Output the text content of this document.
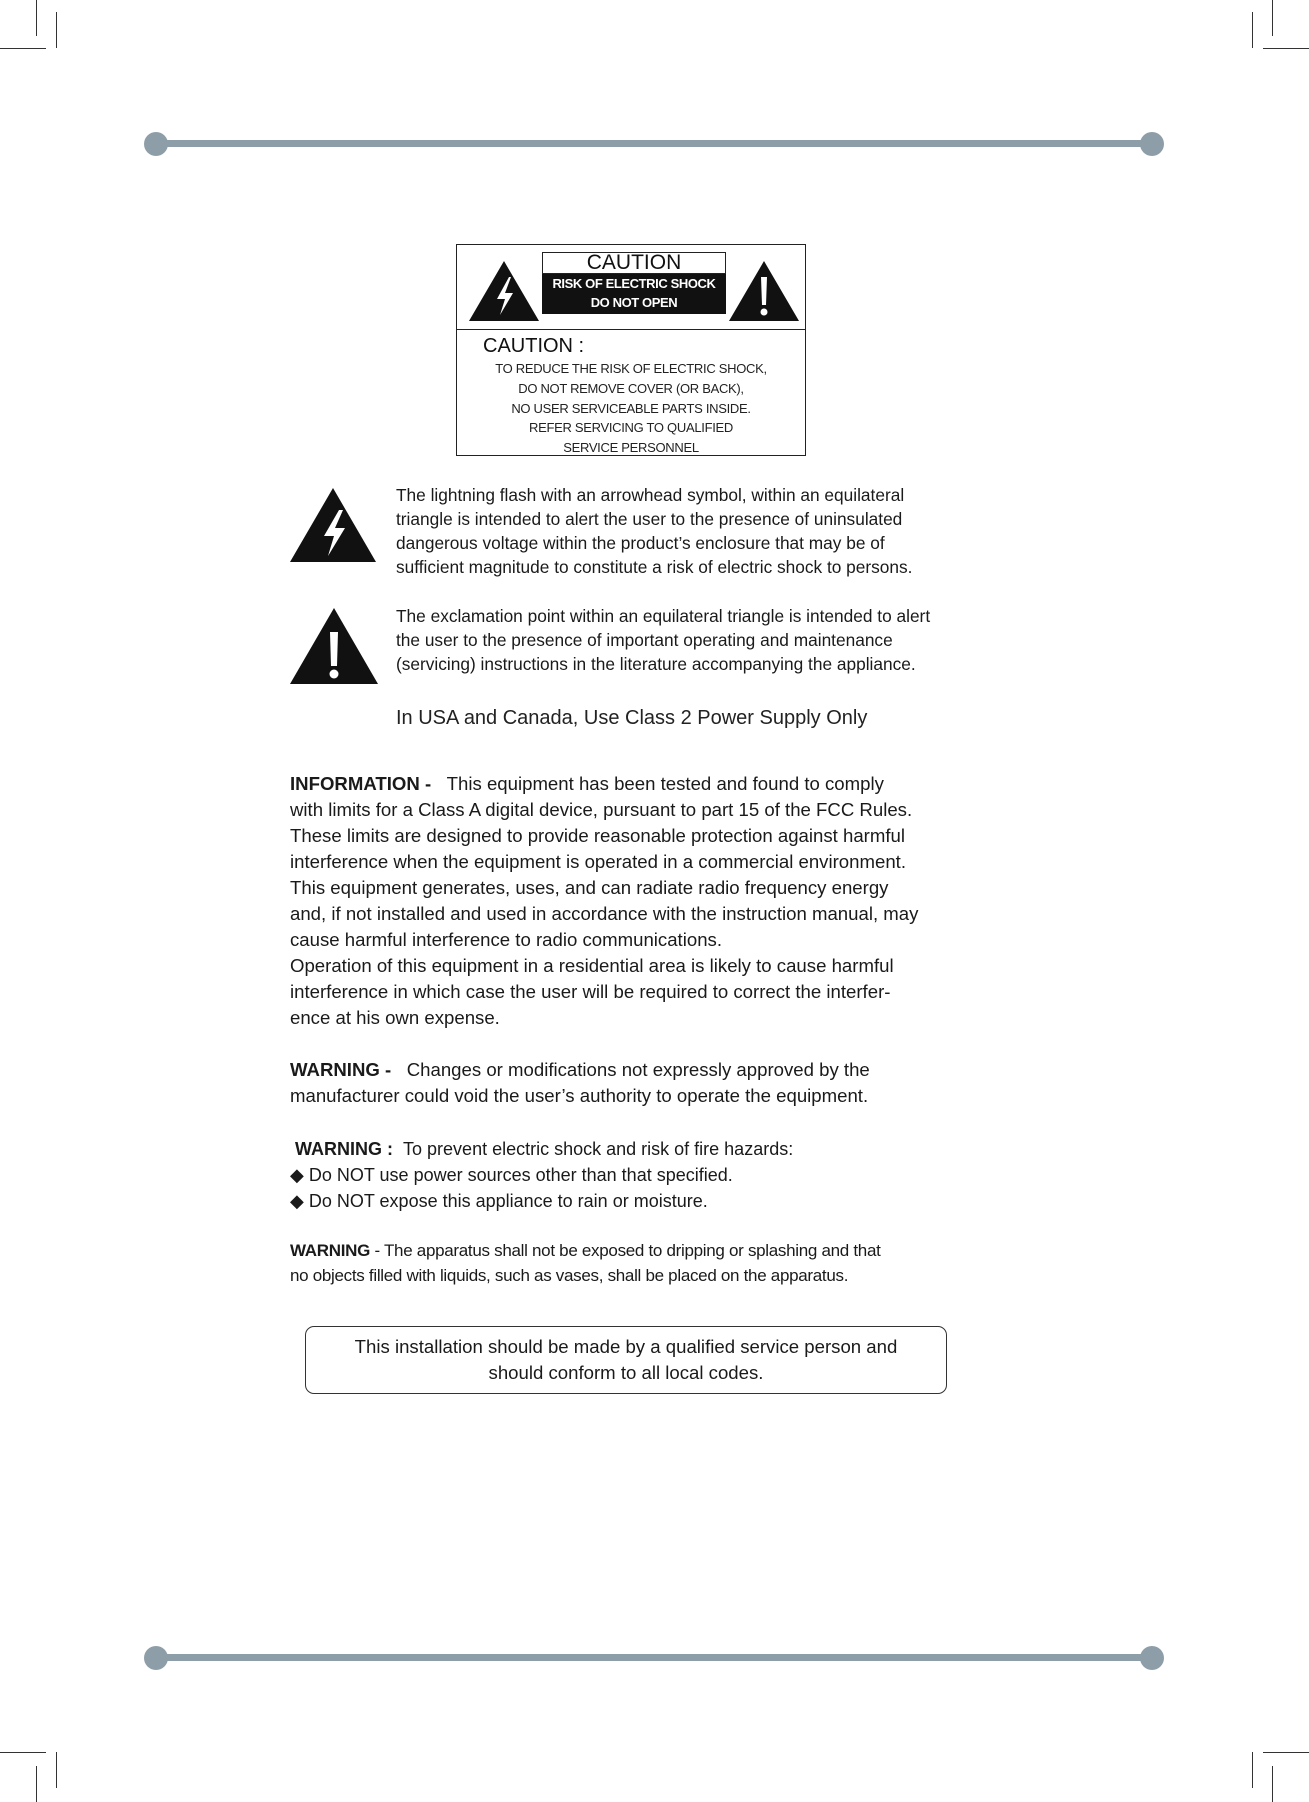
CAUTION
RISK OF ELECTRIC SHOCK
DO NOT OPEN
CAUTION :
TO REDUCE THE RISK OF ELECTRIC SHOCK,
DO NOT REMOVE COVER (OR BACK),
NO USER SERVICEABLE PARTS INSIDE.
REFER SERVICING TO QUALIFIED
SERVICE PERSONNEL
The lightning flash with an arrowhead symbol, within an equilateral
triangle is intended to alert the user to the presence of uninsulated
dangerous voltage within the product’s enclosure that may be of
sufficient magnitude to constitute a risk of electric shock to persons.
The exclamation point within an equilateral triangle is intended to alert
the user to the presence of important operating and maintenance
(servicing) instructions in the literature accompanying the appliance.
In USA and Canada, Use Class 2 Power Supply Only
INFORMATION - This equipment has been tested and found to comply
with limits for a Class A digital device, pursuant to part 15 of the FCC Rules.
These limits are designed to provide reasonable protection against harmful
interference when the equipment is operated in a commercial environment.
This equipment generates, uses, and can radiate radio frequency energy
and, if not installed and used in accordance with the instruction manual, may
cause harmful interference to radio communications.
Operation of this equipment in a residential area is likely to cause harmful
interference in which case the user will be required to correct the interfer-
ence at his own expense.
WARNING - Changes or modifications not expressly approved by the
manufacturer could void the user’s authority to operate the equipment.
WARNING : To prevent electric shock and risk of fire hazards:
◆ Do NOT use power sources other than that specified.
◆ Do NOT expose this appliance to rain or moisture.
WARNING - The apparatus shall not be exposed to dripping or splashing and that
no objects filled with liquids, such as vases, shall be placed on the apparatus.
This installation should be made by a qualified service person and
should conform to all local codes.
